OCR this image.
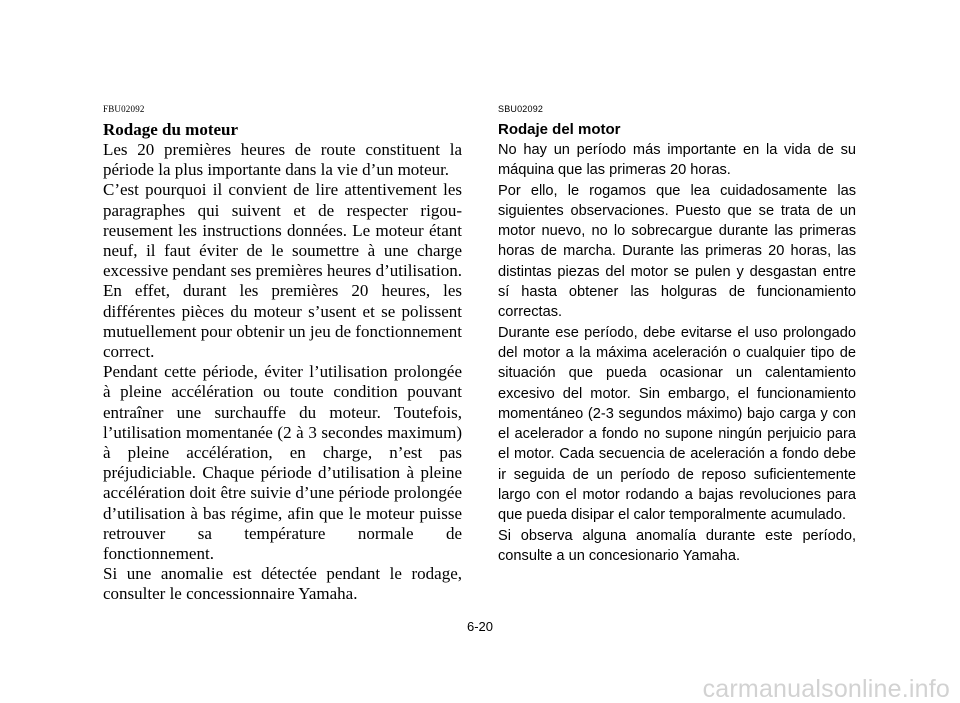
FBU02092
Rodage du moteur

Les 20 premières heures de route constituent la période la plus importante dans la vie d’un moteur.

C’est pourquoi il convient de lire attentivement les paragraphes qui suivent et de respecter rigoureusement les instructions données. Le moteur étant neuf, il faut éviter de le soumettre à une charge excessive pendant ses premières heures d’utilisation. En effet, durant les premières 20 heures, les différentes pièces du moteur s’usent et se polissent mutuellement pour obtenir un jeu de fonctionnement correct.

Pendant cette période, éviter l’utilisation prolongée à pleine accélération ou toute condition pouvant entraîner une surchauffe du moteur. Toutefois, l’utilisation momentanée (2 à 3 secondes maximum) à pleine accélération, en charge, n’est pas préjudiciable. Chaque période d’utilisation à pleine accélération doit être suivie d’une période prolongée d’utilisation à bas régime, afin que le moteur puisse retrouver sa température normale de fonctionnement.

Si une anomalie est détectée pendant le rodage, consulter le concessionnaire Yamaha.

SBU02092
Rodaje del motor

No hay un período más importante en la vida de su máquina que las primeras 20 horas.

Por ello, le rogamos que lea cuidadosamente las siguientes observaciones. Puesto que se trata de un motor nuevo, no lo sobrecargue durante las primeras horas de marcha. Durante las primeras 20 horas, las distintas piezas del motor se pulen y desgastan entre sí hasta obtener las holguras de funcionamiento correctas.

Durante ese período, debe evitarse el uso prolongado del motor a la máxima aceleración o cualquier tipo de situación que pueda ocasionar un calentamiento excesivo del motor. Sin embargo, el funcionamiento momentáneo (2-3 segundos máximo) bajo carga y con el acelerador a fondo no supone ningún perjuicio para el motor. Cada secuencia de aceleración a fondo debe ir seguida de un período de reposo suficientemente largo con el motor rodando a bajas revoluciones para que pueda disipar el calor temporalmente acumulado.

Si observa alguna anomalía durante este período, consulte a un concesionario Yamaha.

6-20
carmanualsonline.info
